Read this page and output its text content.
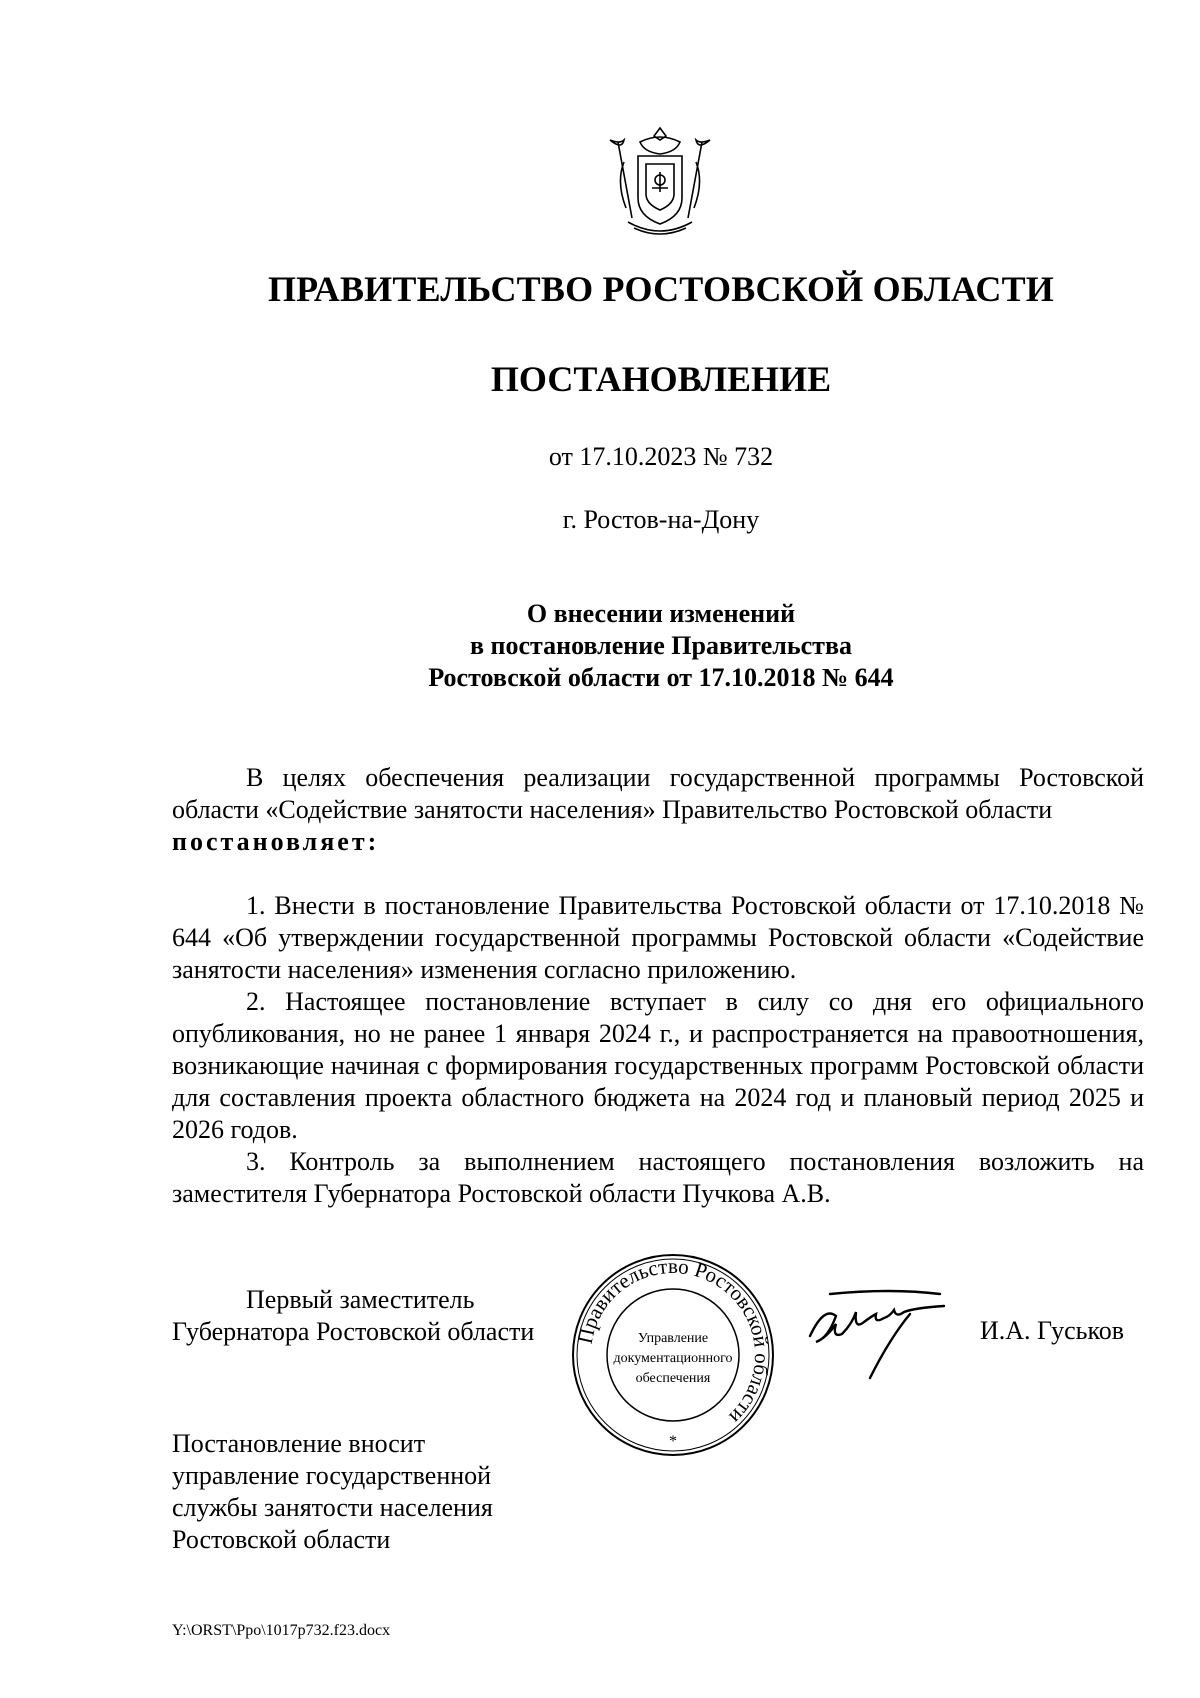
ПРАВИТЕЛЬСТВО РОСТОВСКОЙ ОБЛАСТИ
ПОСТАНОВЛЕНИЕ
от 17.10.2023 № 732
г. Ростов-на-Дону
О внесении изменений
в постановление Правительства
Ростовской области от 17.10.2018 № 644

В целях обеспечения реализации государственной программы Ростовской области «Содействие занятости населения» Правительство Ростовской области
постановляет:

1. Внести в постановление Правительства Ростовской области от 17.10.2018 № 644 «Об утверждении государственной программы Ростовской области «Содействие занятости населения» изменения согласно приложению.

2. Настоящее постановление вступает в силу со дня его официального опубликования, но не ранее 1 января 2024 г., и распространяется на правоотношения, возникающие начиная с формирования государственных программ Ростовской области для составления проекта областного бюджета на 2024 год и плановый период 2025 и 2026 годов.

3. Контроль за выполнением настоящего постановления возложить на заместителя Губернатора Ростовской области Пучкова А.В.

Первый заместитель
Губернатора Ростовской области Правительство Ростовской области
Управление
документационного
обеспечения
*
И.А. Гуськов
Постановление вносит
управление государственной
службы занятости населения
Ростовской области
Y:\ORST\Ppo\1017p732.f23.docx
